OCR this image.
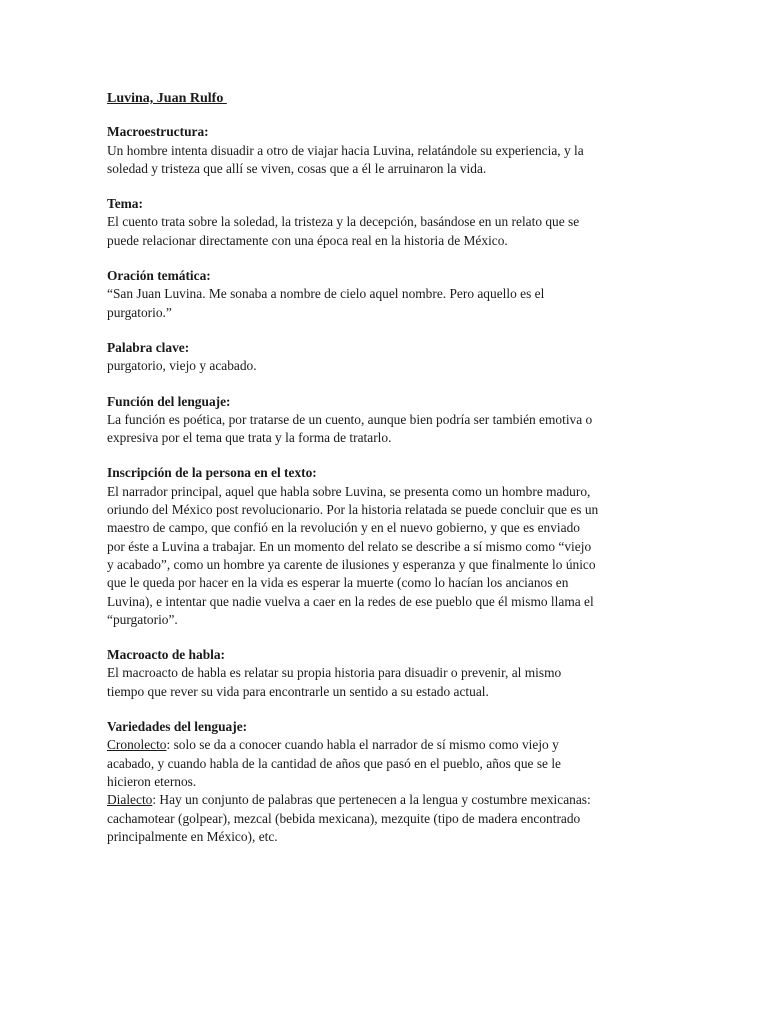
Luvina, Juan Rulfo
Macroestructura:
Un hombre intenta disuadir a otro de viajar hacia Luvina, relatándole su experiencia, y la
soledad y tristeza que allí se viven, cosas que a él le arruinaron la vida.
Tema:
El cuento trata sobre la soledad, la tristeza y la decepción, basándose en un relato que se
puede relacionar directamente con una época real en la historia de México.
Oración temática:
“San Juan Luvina. Me sonaba a nombre de cielo aquel nombre. Pero aquello es el
purgatorio.”
Palabra clave:
purgatorio, viejo y acabado.
Función del lenguaje:
La función es poética, por tratarse de un cuento, aunque bien podría ser también emotiva o
expresiva por el tema que trata y la forma de tratarlo.
Inscripción de la persona en el texto:
El narrador principal, aquel que habla sobre Luvina, se presenta como un hombre maduro,
oriundo del México post revolucionario. Por la historia relatada se puede concluir que es un
maestro de campo, que confió en la revolución y en el nuevo gobierno, y que es enviado
por éste a Luvina a trabajar. En un momento del relato se describe a sí mismo como “viejo
y acabado”, como un hombre ya carente de ilusiones y esperanza y que finalmente lo único
que le queda por hacer en la vida es esperar la muerte (como lo hacían los ancianos en
Luvina), e intentar que nadie vuelva a caer en la redes de ese pueblo que él mismo llama el
“purgatorio”.
Macroacto de habla:
El macroacto de habla es relatar su propia historia para disuadir o prevenir, al mismo
tiempo que rever su vida para encontrarle un sentido a su estado actual.
Variedades del lenguaje:
Cronolecto: solo se da a conocer cuando habla el narrador de sí mismo como viejo y
acabado, y cuando habla de la cantidad de años que pasó en el pueblo, años que se le
hicieron eternos.
Dialecto: Hay un conjunto de palabras que pertenecen a la lengua y costumbre mexicanas:
cachamotear (golpear), mezcal (bebida mexicana), mezquite (tipo de madera encontrado
principalmente en México), etc.
